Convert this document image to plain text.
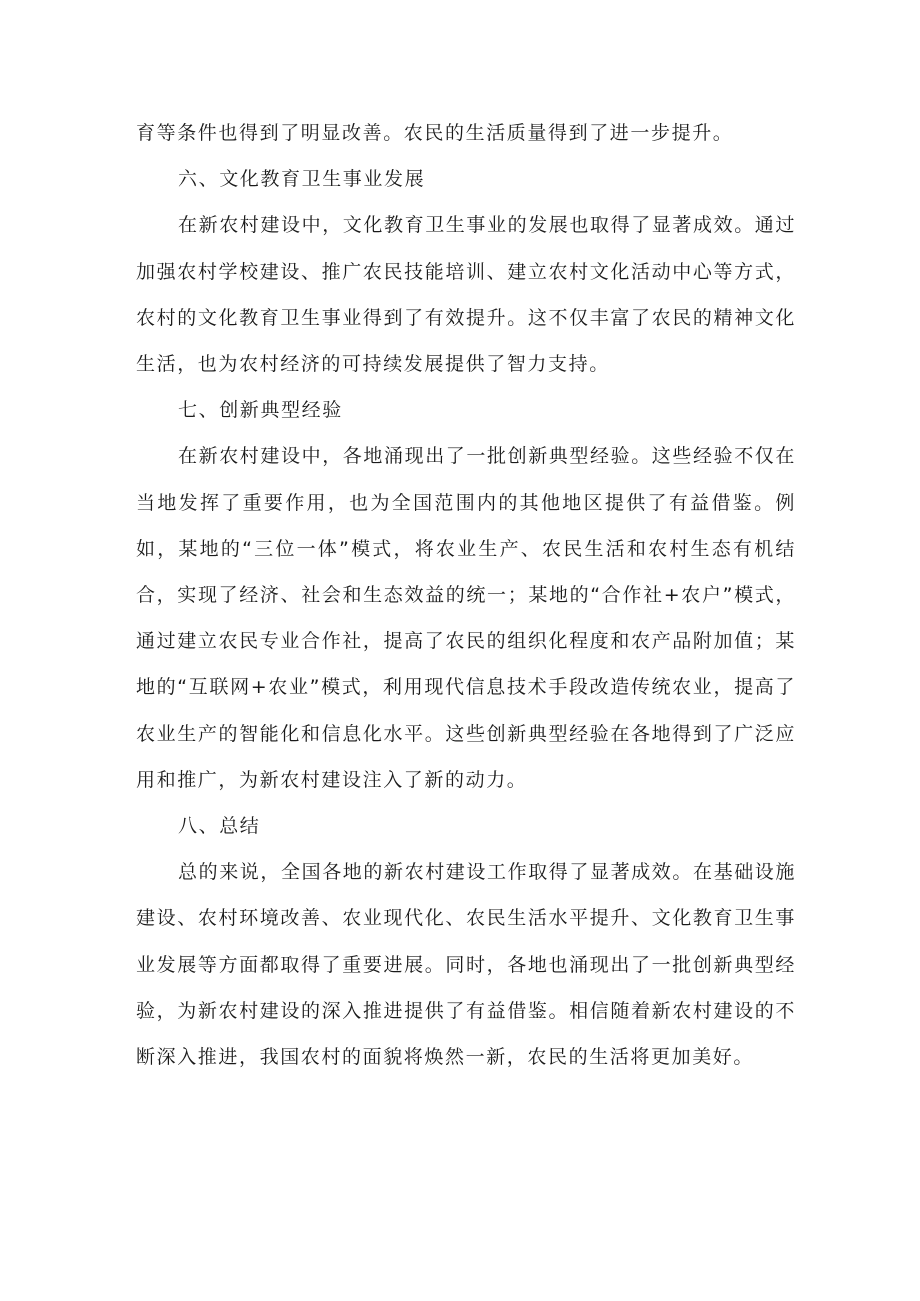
育等条件也得到了明显改善。农民的生活质量得到了进一步提升。

六、文化教育卫生事业发展

在新农村建设中，文化教育卫生事业的发展也取得了显著成效。通过加强农村学校建设、推广农民技能培训、建立农村文化活动中心等方式，农村的文化教育卫生事业得到了有效提升。这不仅丰富了农民的精神文化生活，也为农村经济的可持续发展提供了智力支持。

七、创新典型经验

在新农村建设中，各地涌现出了一批创新典型经验。这些经验不仅在当地发挥了重要作用，也为全国范围内的其他地区提供了有益借鉴。例如，某地的“三位一体”模式，将农业生产、农民生活和农村生态有机结合，实现了经济、社会和生态效益的统一；某地的“合作社+农户”模式，通过建立农民专业合作社，提高了农民的组织化程度和农产品附加值；某地的“互联网+农业”模式，利用现代信息技术手段改造传统农业，提高了农业生产的智能化和信息化水平。这些创新典型经验在各地得到了广泛应用和推广，为新农村建设注入了新的动力。

八、总结

总的来说，全国各地的新农村建设工作取得了显著成效。在基础设施建设、农村环境改善、农业现代化、农民生活水平提升、文化教育卫生事业发展等方面都取得了重要进展。同时，各地也涌现出了一批创新典型经验，为新农村建设的深入推进提供了有益借鉴。相信随着新农村建设的不断深入推进，我国农村的面貌将焕然一新，农民的生活将更加美好。
